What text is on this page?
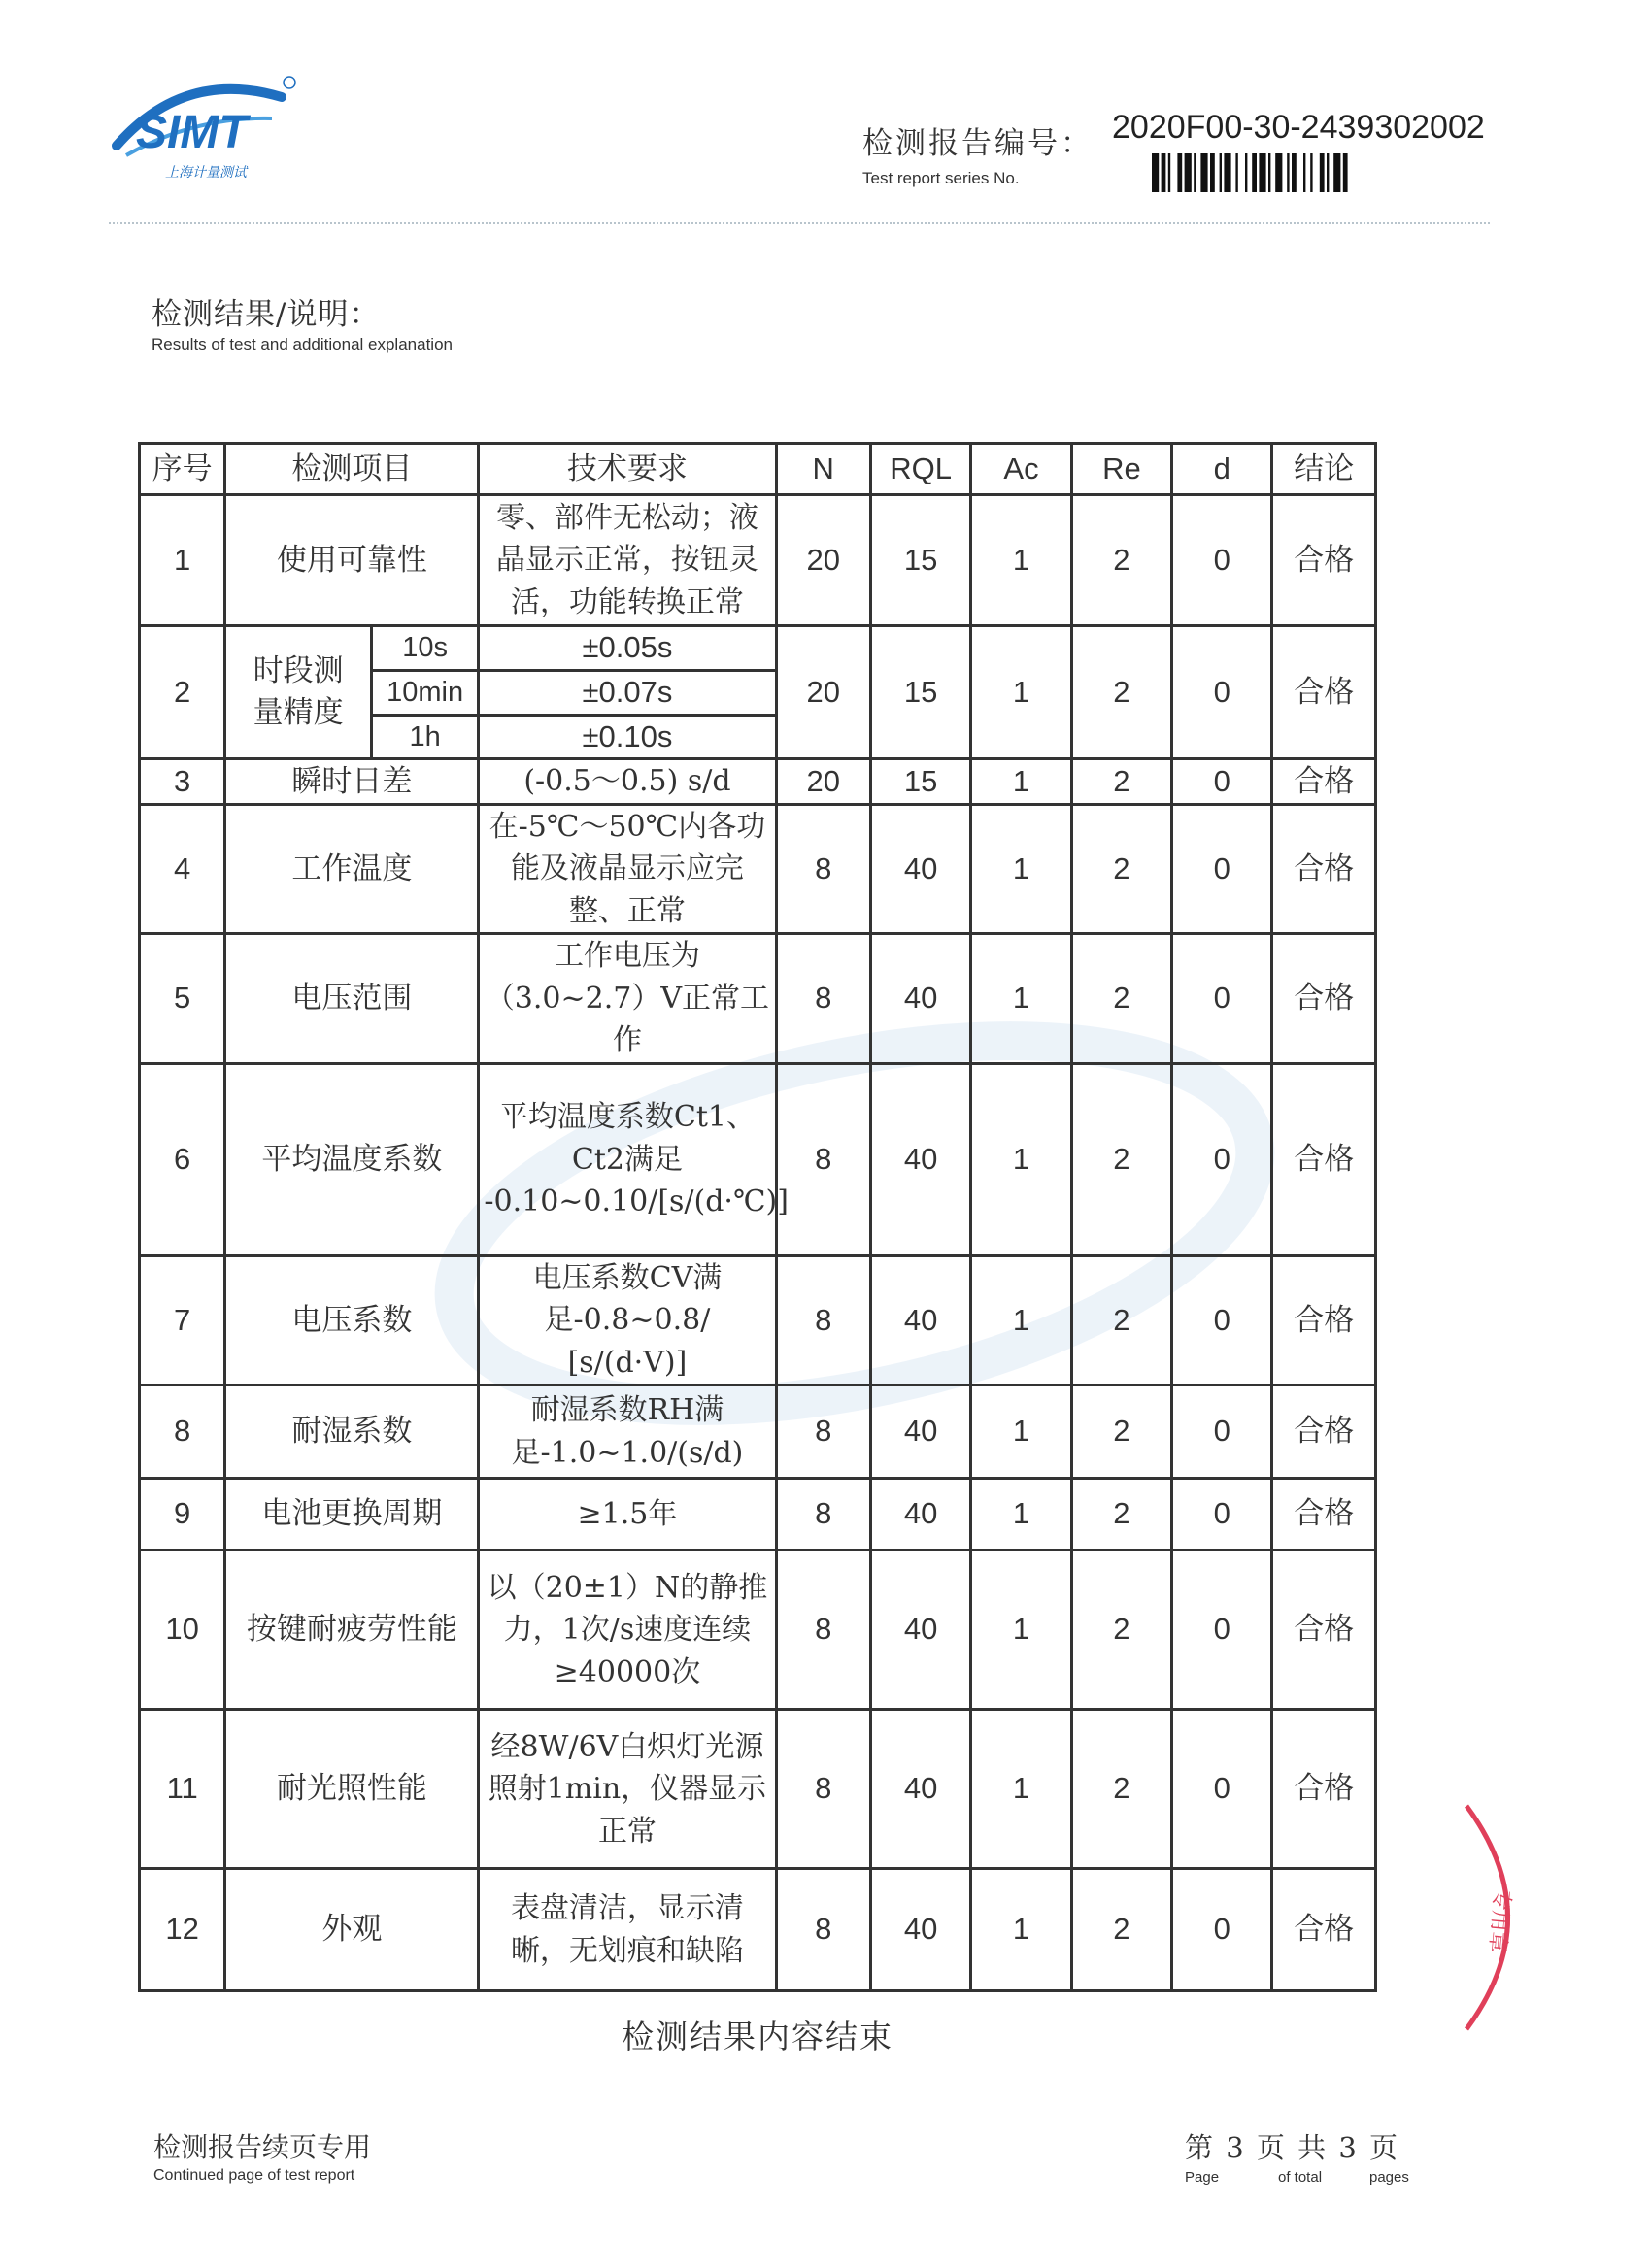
SIMT
上海计量测试
检测报告编号：
Test report series No.
2020F00-30-2439302002
检测结果/说明：
Results of test and additional explanation
序号	检测项目		技术要求	N	RQL	Ac	Re	d	结论
1	使用可靠性		零、部件无松动；液晶显示正常，按钮灵活，功能转换正常	20	15	1	2	0	合格
2	时段测量精度	10s	±0.05s	20	15	1	2	0	合格
		10min	±0.07s						
		1h	±0.10s						
3	瞬时日差		(-0.5～0.5) s/d	20	15	1	2	0	合格
4	工作温度		在-5℃～50℃内各功能及液晶显示应完整、正常	8	40	1	2	0	合格
5	电压范围		工作电压为（3.0~2.7）V正常工作	8	40	1	2	0	合格
6	平均温度系数		平均温度系数Ct1、Ct2满足 -0.10~0.10/[s/(d·℃)]	8	40	1	2	0	合格
7	电压系数		电压系数CV满足-0.8~0.8/ [s/(d·V)]	8	40	1	2	0	合格
8	耐湿系数		耐湿系数RH满足-1.0~1.0/(s/d)	8	40	1	2	0	合格
9	电池更换周期		≥1.5年	8	40	1	2	0	合格
10	按键耐疲劳性能		以（20±1）N的静推力，1次/s速度连续≥40000次	8	40	1	2	0	合格
11	耐光照性能		经8W/6V白炽灯光源照射1min，仪器显示正常	8	40	1	2	0	合格
12	外观		表盘清洁，显示清晰，无划痕和缺陷	8	40	1	2	0	合格
检测结果内容结束
检测报告续页专用
Continued page of test report
第 3 页 共 3 页
Page	of total	pages
专用章
